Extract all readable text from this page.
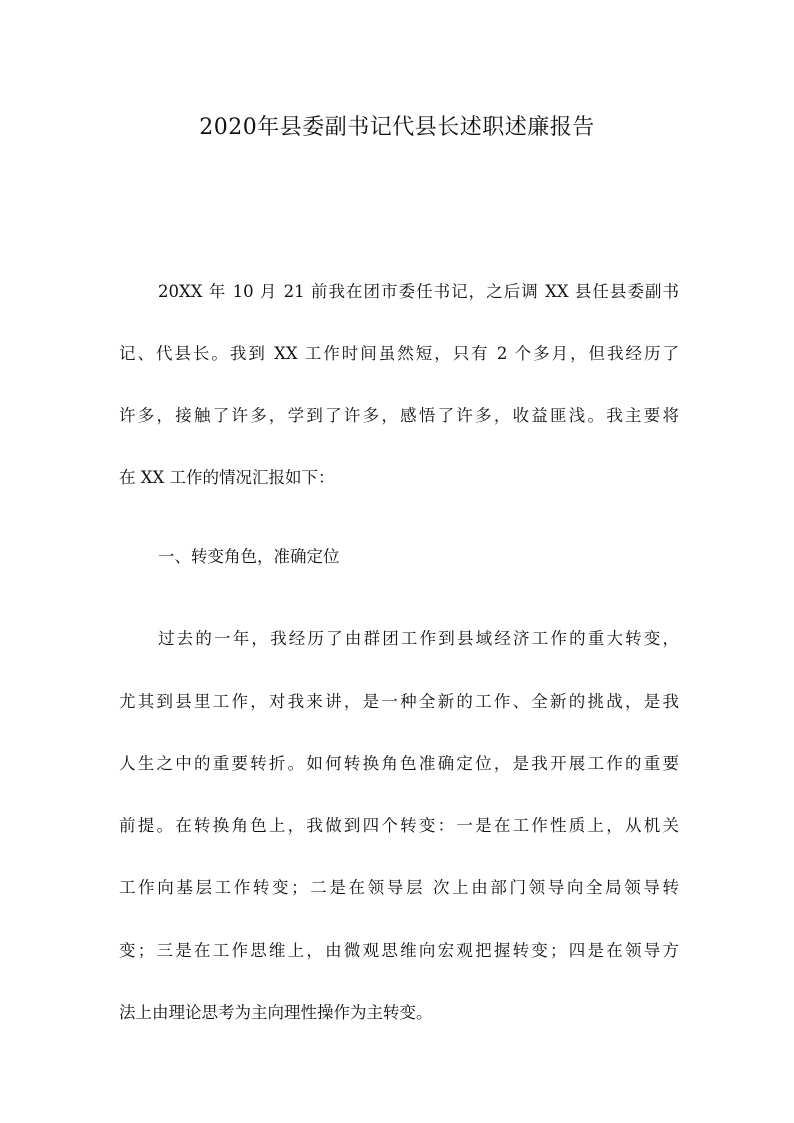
2020年县委副书记代县长述职述廉报告
20XX 年 10 月 21 前我在团市委任书记，之后调 XX 县任县委副书
记、代县长。我到 XX 工作时间虽然短，只有 2 个多月，但我经历了
许多，接触了许多，学到了许多，感悟了许多，收益匪浅。我主要将
在 XX 工作的情况汇报如下：
一、转变角色，准确定位
过去的一年，我经历了由群团工作到县域经济工作的重大转变，
尤其到县里工作，对我来讲，是一种全新的工作、全新的挑战，是我
人生之中的重要转折。如何转换角色准确定位，是我开展工作的重要
前提。在转换角色上，我做到四个转变：一是在工作性质上，从机关
工作向基层工作转变；二是在领导层 次上由部门领导向全局领导转
变；三是在工作思维上，由微观思维向宏观把握转变；四是在领导方
法上由理论思考为主向理性操作为主转变。
